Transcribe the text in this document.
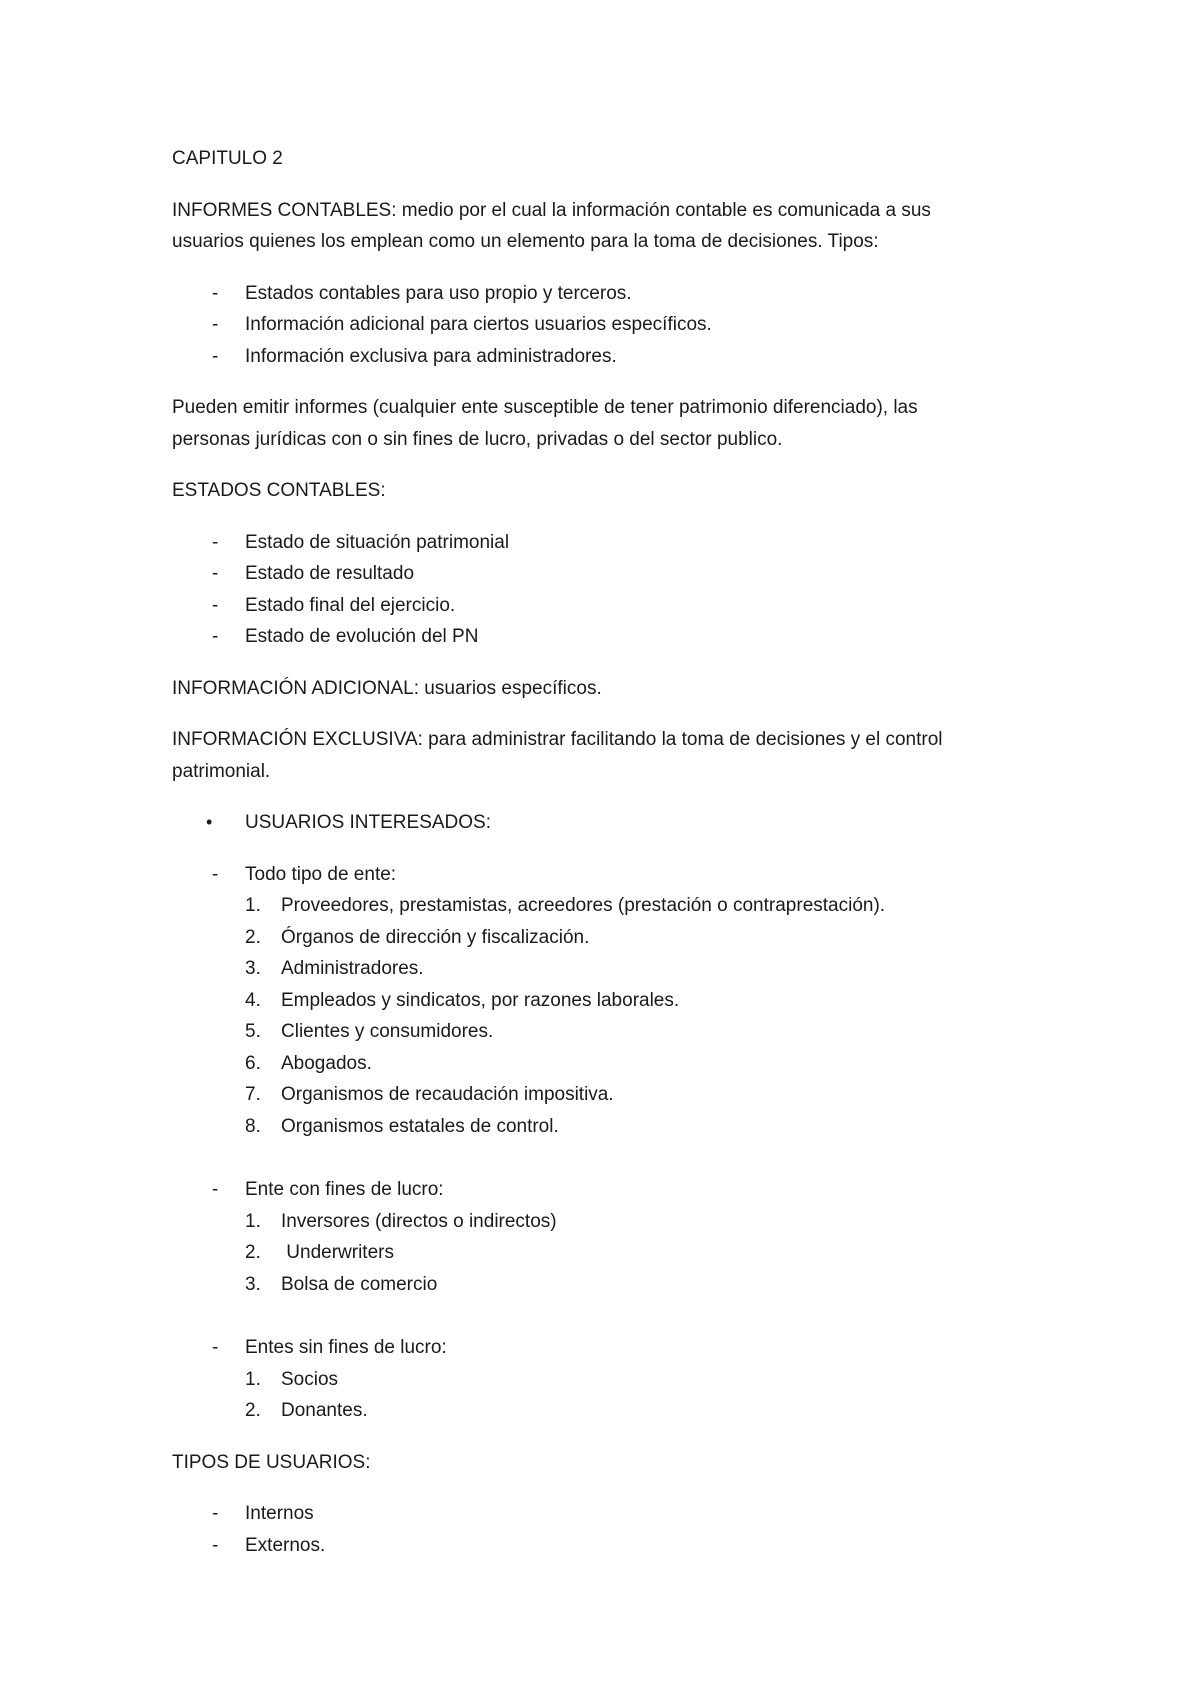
CAPITULO 2
INFORMES CONTABLES: medio por el cual la información contable es comunicada a sus
usuarios quienes los emplean como un elemento para la toma de decisiones. Tipos:
- Estados contables para uso propio y terceros.
- Información adicional para ciertos usuarios específicos.
- Información exclusiva para administradores.
Pueden emitir informes (cualquier ente susceptible de tener patrimonio diferenciado), las
personas jurídicas con o sin fines de lucro, privadas o del sector publico.
ESTADOS CONTABLES:
- Estado de situación patrimonial
- Estado de resultado
- Estado final del ejercicio.
- Estado de evolución del PN
INFORMACIÓN ADICIONAL: usuarios específicos.
INFORMACIÓN EXCLUSIVA: para administrar facilitando la toma de decisiones y el control
patrimonial.
• USUARIOS INTERESADOS:
- Todo tipo de ente:
1. Proveedores, prestamistas, acreedores (prestación o contraprestación).
2. Órganos de dirección y fiscalización.
3. Administradores.
4. Empleados y sindicatos, por razones laborales.
5. Clientes y consumidores.
6. Abogados.
7. Organismos de recaudación impositiva.
8. Organismos estatales de control.
- Ente con fines de lucro:
1. Inversores (directos o indirectos)
2. Underwriters
3. Bolsa de comercio
- Entes sin fines de lucro:
1. Socios
2. Donantes.
TIPOS DE USUARIOS:
- Internos
- Externos.
